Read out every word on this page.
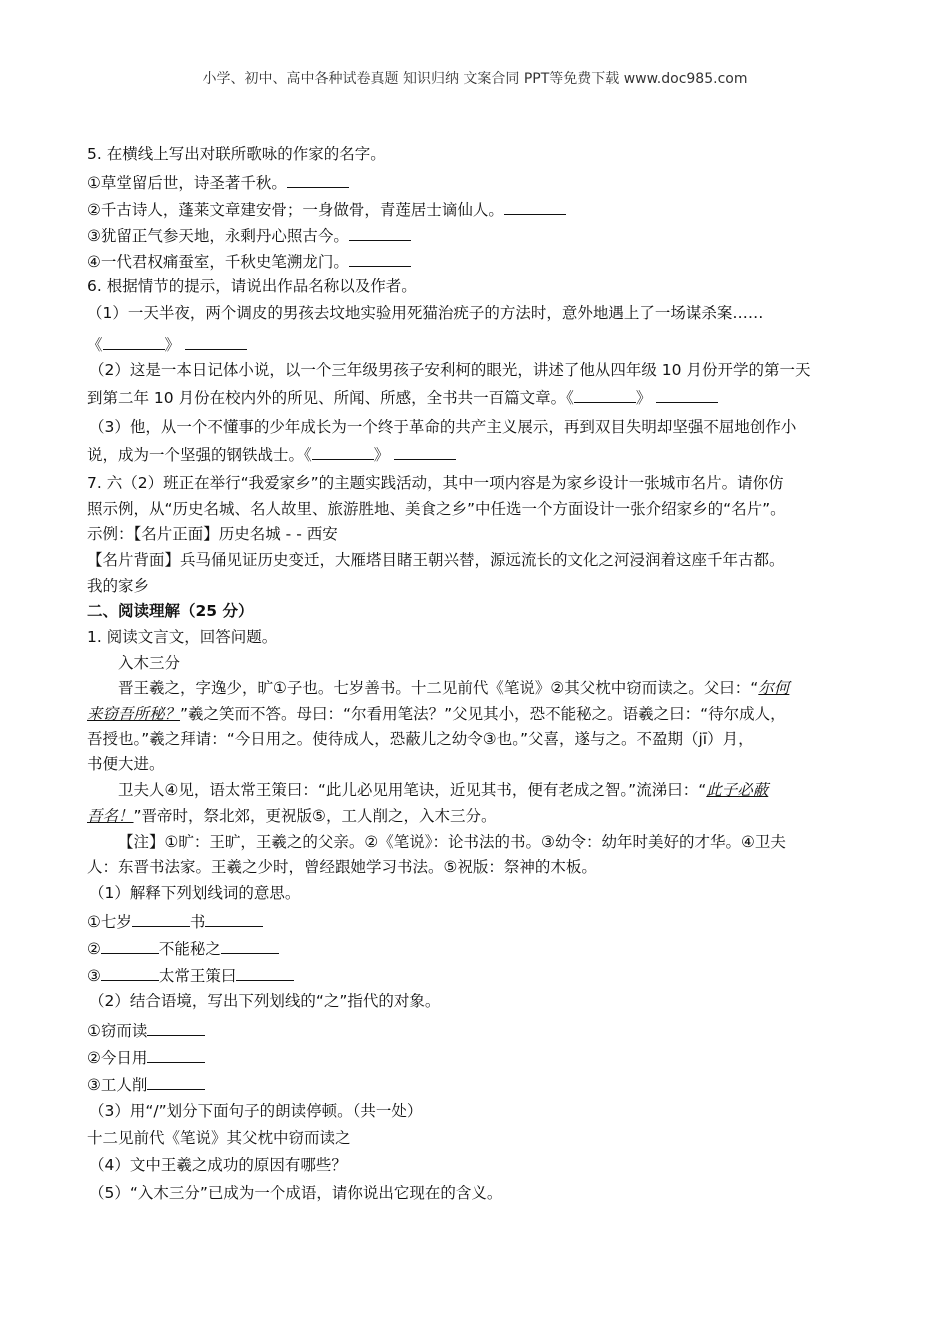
小学、初中、高中各种试卷真题 知识归纳 文案合同 PPT等免费下载 www.doc985.com
5. 在横线上写出对联所歌咏的作家的名字。
①草堂留后世，诗圣著千秋。
②千古诗人，蓬莱文章建安骨；一身做骨，青莲居士谪仙人。
③犹留正气参天地，永剩丹心照古今。
④一代君权痛蚕室，千秋史笔溯龙门。
6. 根据情节的提示，请说出作品名称以及作者。
（1）一天半夜，两个调皮的男孩去坟地实验用死猫治疣子的方法时，意外地遇上了一场谋杀案……
《	》
（2）这是一本日记体小说，以一个三年级男孩子安利柯的眼光，讲述了他从四年级 10 月份开学的第一天
到第二年 10 月份在校内外的所见、所闻、所感，全书共一百篇文章。《	》
（3）他，从一个不懂事的少年成长为一个终于革命的共产主义展示，再到双目失明却坚强不屈地创作小
说，成为一个坚强的钢铁战士。《	》
7. 六（2）班正在举行“我爱家乡”的主题实践活动，其中一项内容是为家乡设计一张城市名片。请你仿
照示例，从“历史名城、名人故里、旅游胜地、美食之乡”中任选一个方面设计一张介绍家乡的“名片”。
示例：【名片正面】历史名城 - - 西安
【名片背面】兵马俑见证历史变迁，大雁塔目睹王朝兴替，源远流长的文化之河浸润着这座千年古都。
我的家乡
二、阅读理解（25 分）
1. 阅读文言文，回答问题。
入木三分
晋王羲之，字逸少，旷①子也。七岁善书。十二见前代《笔说》②其父枕中窃而读之。父曰：“尔何
来窃吾所秘？”羲之笑而不答。母曰：“尔看用笔法？”父见其小，恐不能秘之。语羲之曰：“待尔成人，
吾授也。”羲之拜请：“今日用之。使待成人，恐蔽儿之幼令③也。”父喜，遂与之。不盈期（jī）月，
书便大进。
卫夫人④见，语太常王策曰：“此儿必见用笔诀，近见其书，便有老成之智。”流涕曰：“此子必蔽
吾名！”晋帝时，祭北郊，更祝版⑤，工人削之，入木三分。
【注】①旷：王旷，王羲之的父亲。②《笔说》：论书法的书。③幼令：幼年时美好的才华。④卫夫
人：东晋书法家。王羲之少时，曾经跟她学习书法。⑤祝版：祭神的木板。
（1）解释下列划线词的意思。
①七岁	书
②	不能秘之
③	太常王策曰
（2）结合语境，写出下列划线的“之”指代的对象。
①窃而读
②今日用
③工人削
（3）用“/”划分下面句子的朗读停顿。（共一处）
十二见前代《笔说》其父枕中窃而读之
（4）文中王羲之成功的原因有哪些？
（5）“入木三分”已成为一个成语，请你说出它现在的含义。
